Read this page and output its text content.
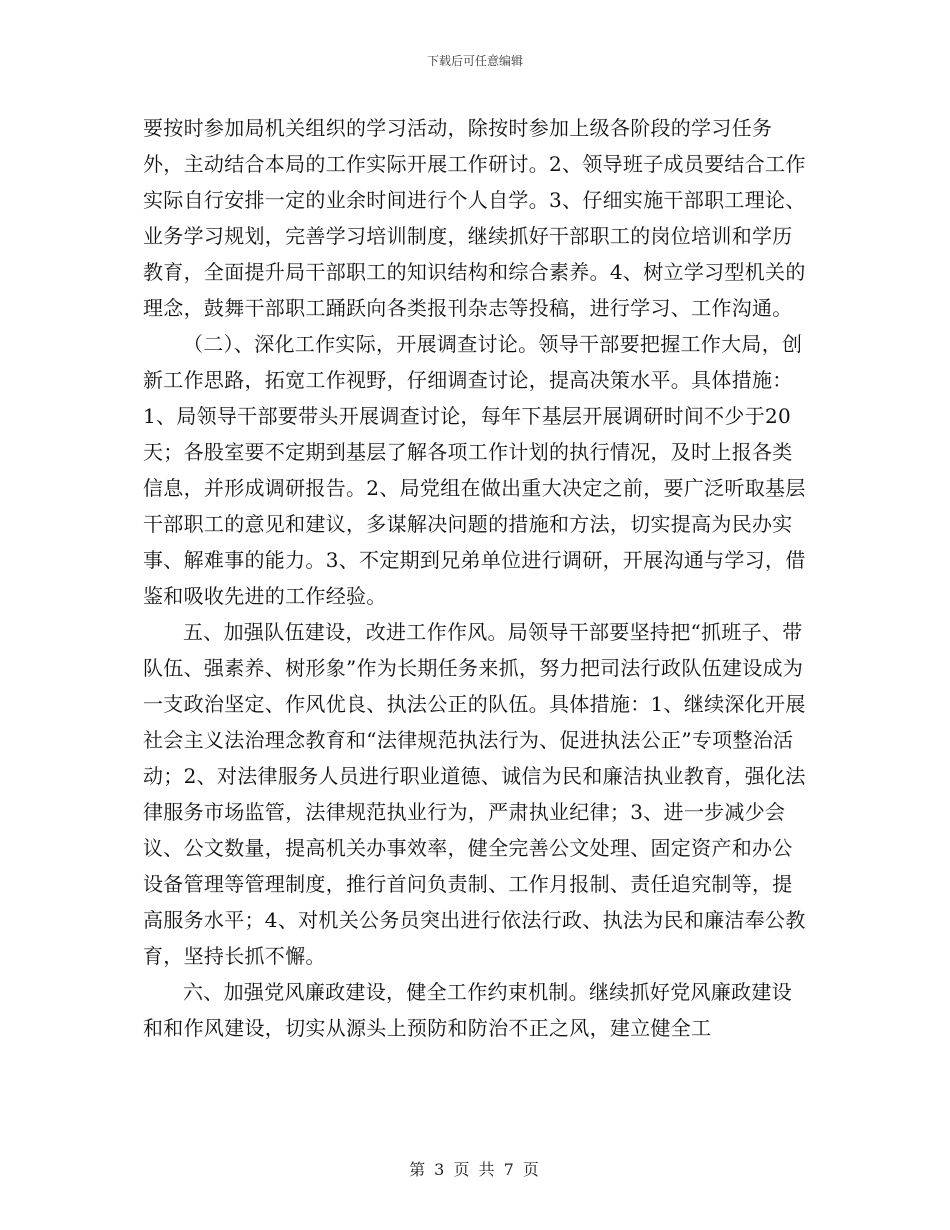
下载后可任意编辑

要按时参加局机关组织的学习活动，除按时参加上级各阶段的学习任务外，主动结合本局的工作实际开展工作研讨。2、领导班子成员要结合工作实际自行安排一定的业余时间进行个人自学。3、仔细实施干部职工理论、业务学习规划，完善学习培训制度，继续抓好干部职工的岗位培训和学历教育，全面提升局干部职工的知识结构和综合素养。4、树立学习型机关的理念，鼓舞干部职工踊跃向各类报刊杂志等投稿，进行学习、工作沟通。

（二）、深化工作实际，开展调查讨论。领导干部要把握工作大局，创新工作思路，拓宽工作视野，仔细调查讨论，提高决策水平。具体措施：1、局领导干部要带头开展调查讨论，每年下基层开展调研时间不少于20天；各股室要不定期到基层了解各项工作计划的执行情况，及时上报各类信息，并形成调研报告。2、局党组在做出重大决定之前，要广泛听取基层干部职工的意见和建议，多谋解决问题的措施和方法，切实提高为民办实事、解难事的能力。3、不定期到兄弟单位进行调研，开展沟通与学习，借鉴和吸收先进的工作经验。

五、加强队伍建设，改进工作作风。局领导干部要坚持把“抓班子、带队伍、强素养、树形象”作为长期任务来抓，努力把司法行政队伍建设成为一支政治坚定、作风优良、执法公正的队伍。具体措施：1、继续深化开展社会主义法治理念教育和“法律规范执法行为、促进执法公正”专项整治活动；2、对法律服务人员进行职业道德、诚信为民和廉洁执业教育，强化法律服务市场监管，法律规范执业行为，严肃执业纪律；3、进一步减少会议、公文数量，提高机关办事效率，健全完善公文处理、固定资产和办公设备管理等管理制度，推行首问负责制、工作月报制、责任追究制等，提高服务水平；4、对机关公务员突出进行依法行政、执法为民和廉洁奉公教育，坚持长抓不懈。

六、加强党风廉政建设，健全工作约束机制。继续抓好党风廉政建设和和作风建设，切实从源头上预防和防治不正之风，建立健全工

第 3 页 共 7 页
